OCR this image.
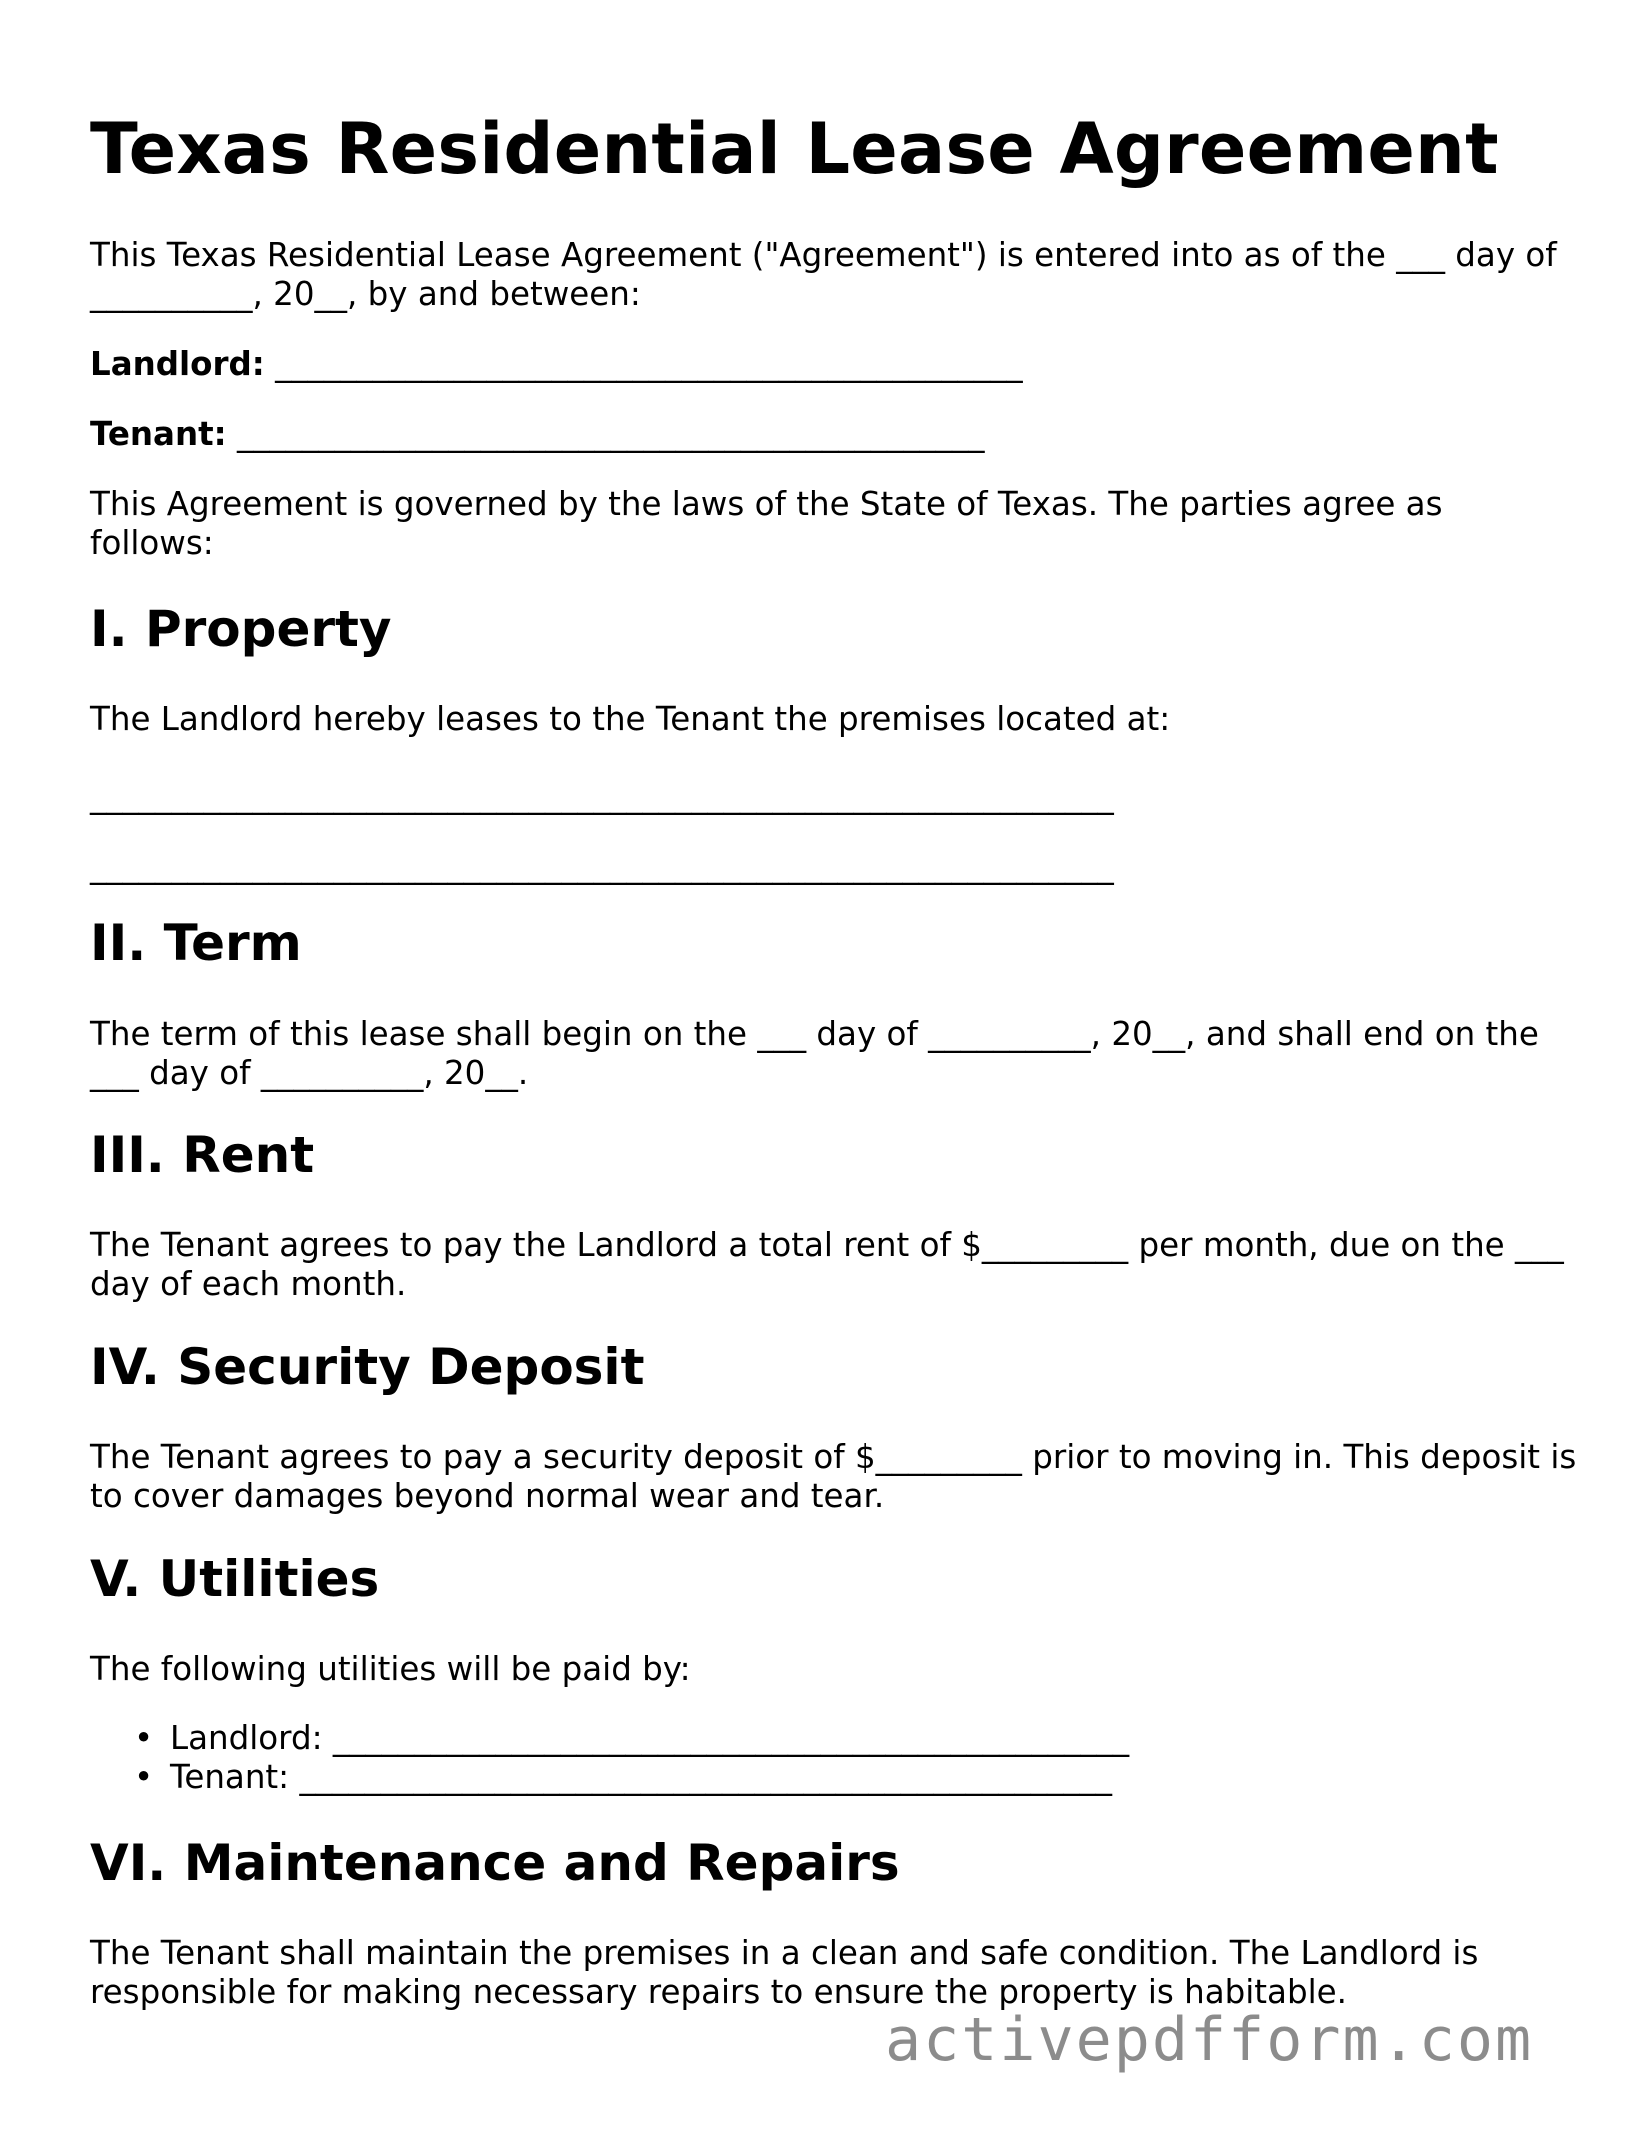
Texas Residential Lease Agreement

This Texas Residential Lease Agreement ("Agreement") is entered into as of the ___ day of
__________, 20__, by and between:

Landlord: ______________________________________________

Tenant: ______________________________________________

This Agreement is governed by the laws of the State of Texas. The parties agree as
follows:

I. Property

The Landlord hereby leases to the Tenant the premises located at:

_______________________________________________________________

_______________________________________________________________

II. Term

The term of this lease shall begin on the ___ day of __________, 20__, and shall end on the
___ day of __________, 20__.

III. Rent

The Tenant agrees to pay the Landlord a total rent of $_________ per month, due on the ___
day of each month.

IV. Security Deposit

The Tenant agrees to pay a security deposit of $_________ prior to moving in. This deposit is
to cover damages beyond normal wear and tear.

V. Utilities

The following utilities will be paid by:

• Landlord: _________________________________________________
• Tenant: __________________________________________________
VI. Maintenance and Repairs

The Tenant shall maintain the premises in a clean and safe condition. The Landlord is
responsible for making necessary repairs to ensure the property is habitable.

activepdfform.com
